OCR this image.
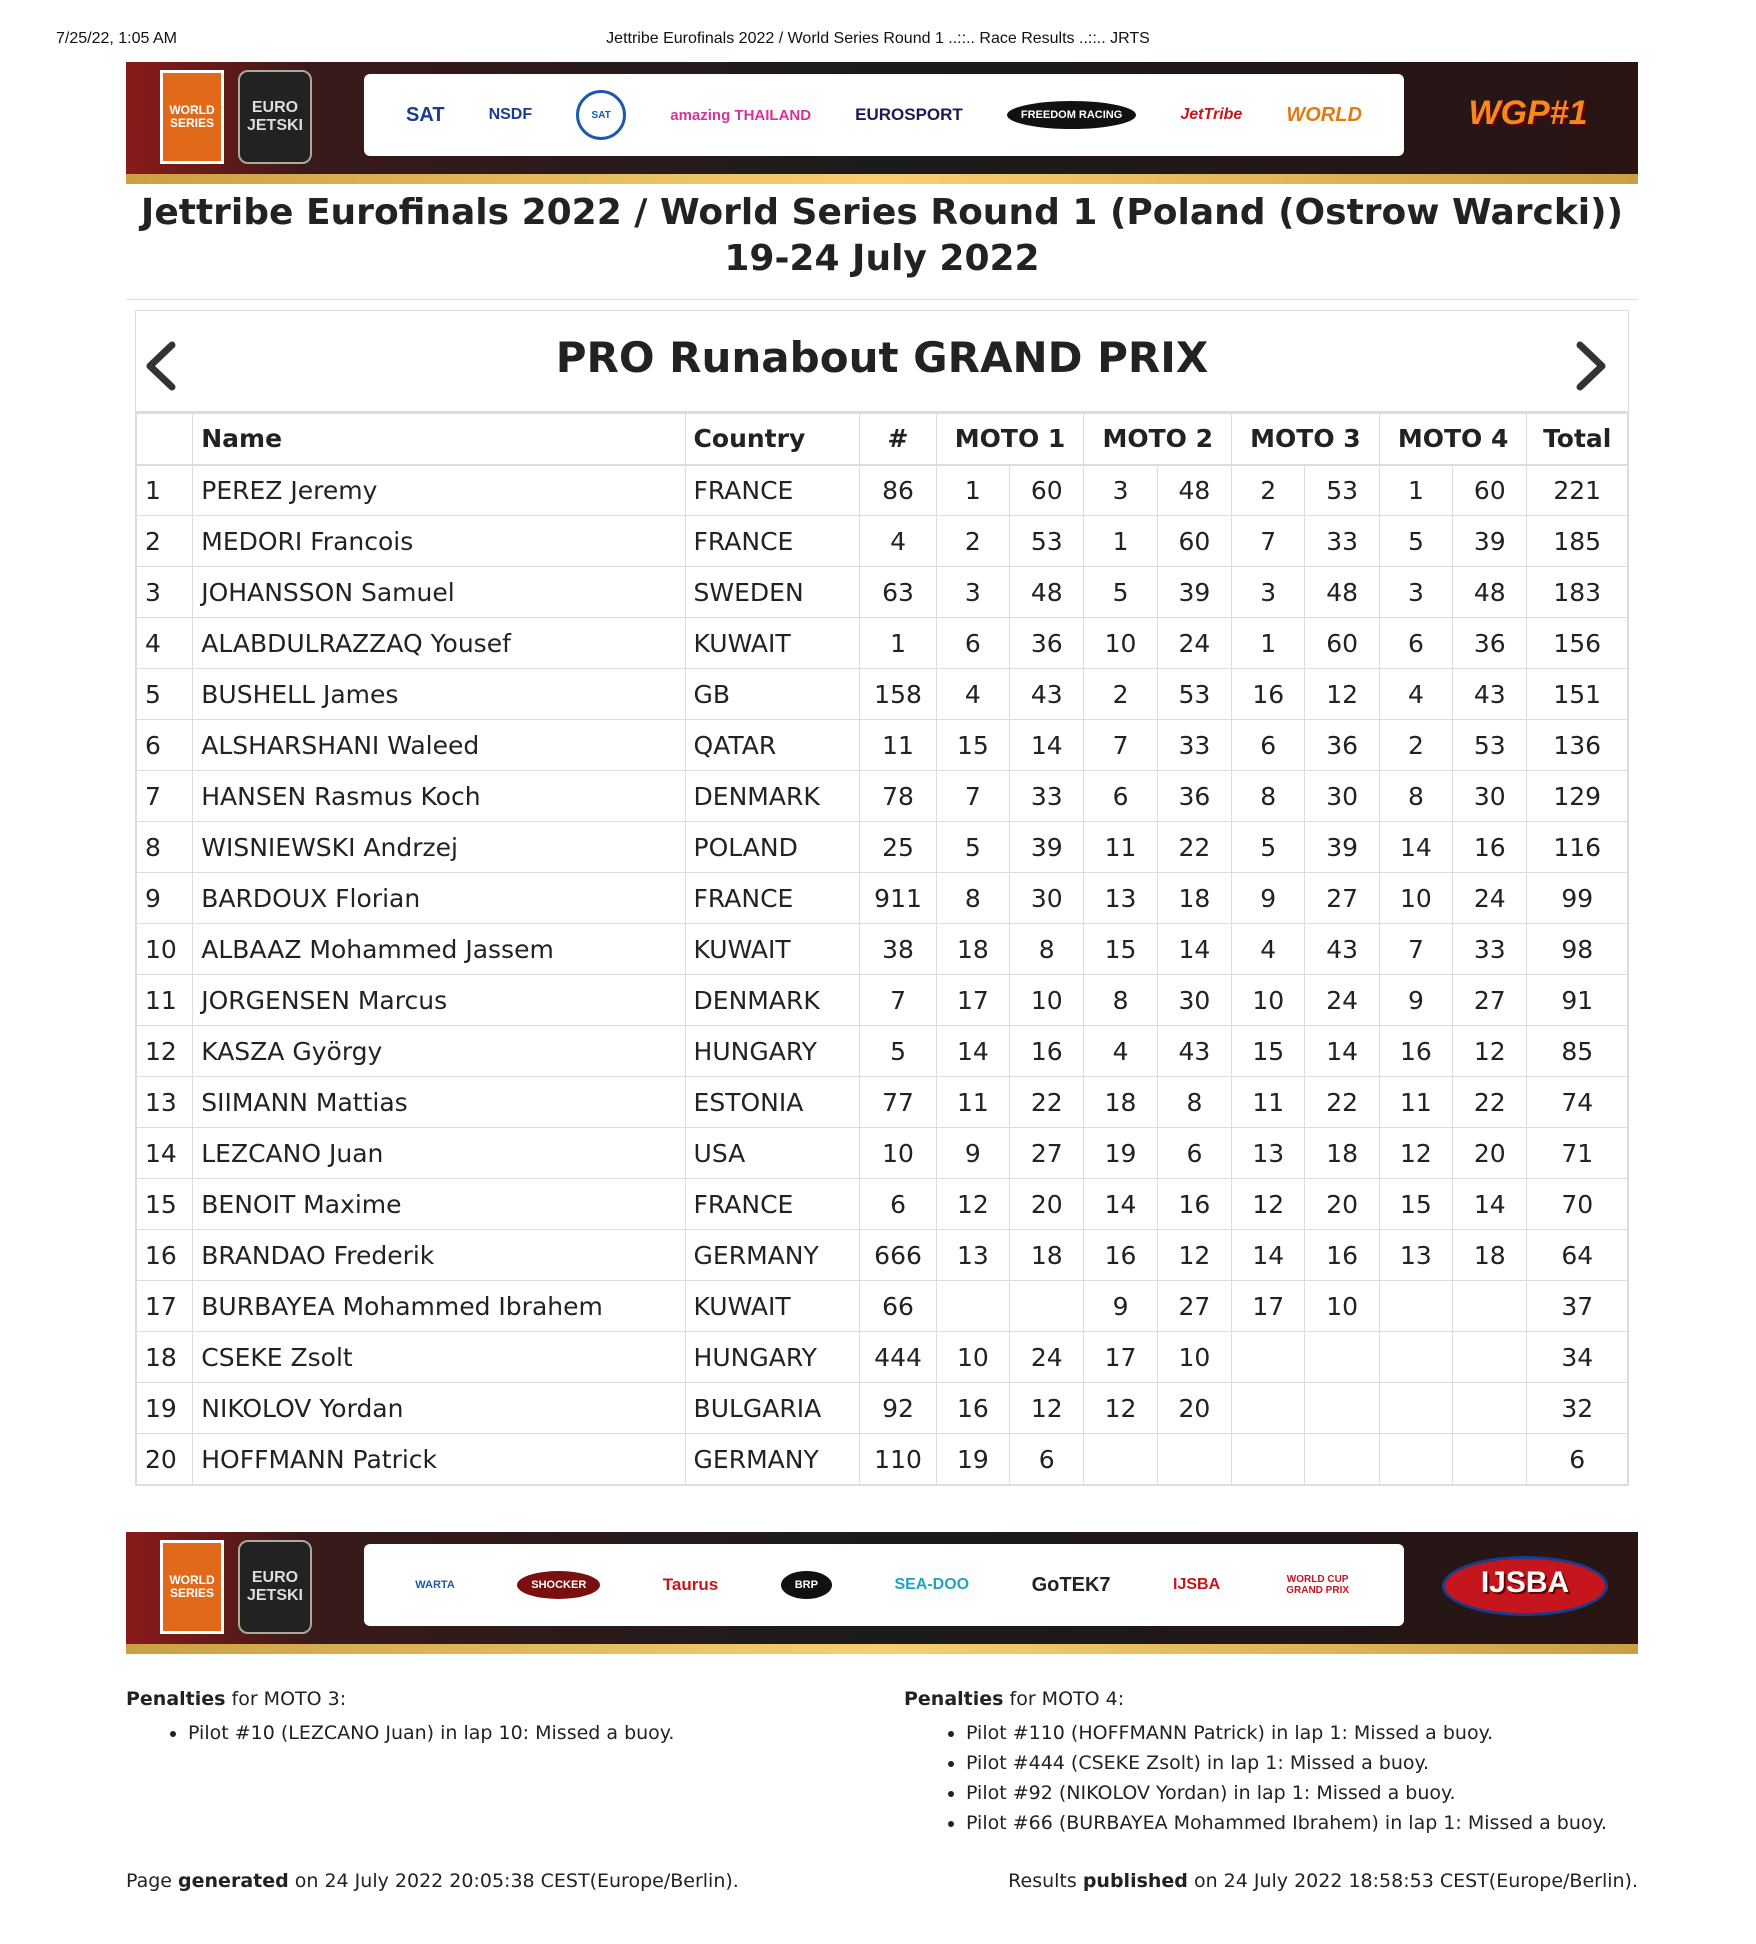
7/25/22, 1:05 AM	Jettribe Eurofinals 2022 / World Series Round 1 ..::.. Race Results ..::.. JRTS
WORLD SERIES
EURO JETSKI	SAT	NSDF	SAT	amazing THAILAND	EUROSPORT	FREEDOM RACING	JetTribe WORLD	WGP#1
Jettribe Eurofinals 2022 / World Series Round 1 (Poland (Ostrow Warcki))
19-24 July 2022
PRO Runabout GRAND PRIX
	Name	Country	#	MOTO 1		MOTO 2		MOTO 3		MOTO 4		Total
1	PEREZ Jeremy	FRANCE	86	1	60	3	48	2	53	1	60	221
2	MEDORI Francois	FRANCE	4	2	53	1	60	7	33	5	39	185
3	JOHANSSON Samuel	SWEDEN	63	3	48	5	39	3	48	3	48	183
4	ALABDULRAZZAQ Yousef	KUWAIT	1	6	36	10	24	1	60	6	36	156
5	BUSHELL James	GB	158	4	43	2	53	16	12	4	43	151
6	ALSHARSHANI Waleed	QATAR	11	15	14	7	33	6	36	2	53	136
7	HANSEN Rasmus Koch	DENMARK	78	7	33	6	36	8	30	8	30	129
8	WISNIEWSKI Andrzej	POLAND	25	5	39	11	22	5	39	14	16	116
9	BARDOUX Florian	FRANCE	911	8	30	13	18	9	27	10	24	99
10	ALBAAZ Mohammed Jassem	KUWAIT	38	18	8	15	14	4	43	7	33	98
11	JORGENSEN Marcus	DENMARK	7	17	10	8	30	10	24	9	27	91
12	KASZA György	HUNGARY	5	14	16	4	43	15	14	16	12	85
13	SIIMANN Mattias	ESTONIA	77	11	22	18	8	11	22	11	22	74
14	LEZCANO Juan	USA	10	9	27	19	6	13	18	12	20	71
15	BENOIT Maxime	FRANCE	6	12	20	14	16	12	20	15	14	70
16	BRANDAO Frederik	GERMANY	666	13	18	16	12	14	16	13	18	64
17	BURBAYEA Mohammed Ibrahem	KUWAIT	66			9	27	17	10			37
18	CSEKE Zsolt	HUNGARY	444	10	24	17	10					34
19	NIKOLOV Yordan	BULGARIA	92	16	12	12	20					32
20	HOFFMANN Patrick	GERMANY	110	19	6							6
WORLD SERIES
EURO JETSKI
WARTA	SHOCKER	Taurus	BRP	SEA-DOO	GoTEK7	IJSBA	WORLD CUP GRAND PRIX	IJSBA
Penalties for MOTO 3:
• Pilot #10 (LEZCANO Juan) in lap 10: Missed a buoy.
Penalties for MOTO 4:
• Pilot #110 (HOFFMANN Patrick) in lap 1: Missed a buoy.
• Pilot #444 (CSEKE Zsolt) in lap 1: Missed a buoy.
• Pilot #92 (NIKOLOV Yordan) in lap 1: Missed a buoy.
• Pilot #66 (BURBAYEA Mohammed Ibrahem) in lap 1: Missed a buoy.
Page generated on 24 July 2022 20:05:38 CEST(Europe/Berlin).	Results published on 24 July 2022 18:58:53 CEST(Europe/Berlin).
